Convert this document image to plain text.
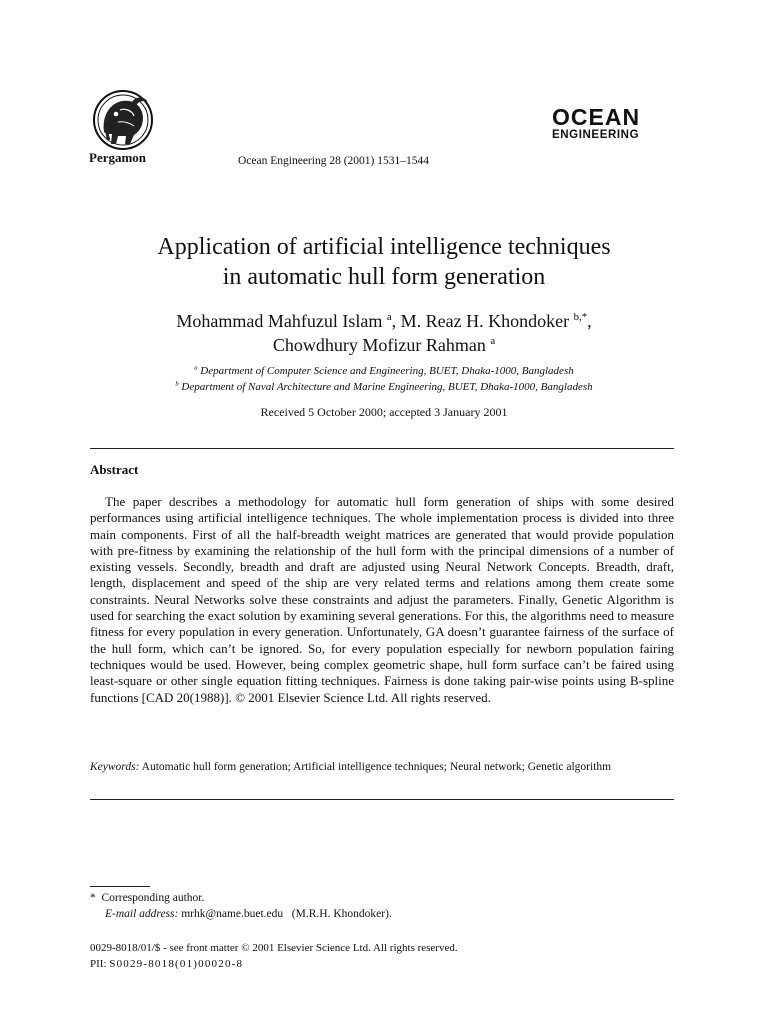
Pergamon	Ocean Engineering 28 (2001) 1531–1544
OCEAN
ENGINEERING
Application of artificial intelligence techniques
in automatic hull form generation
Mohammad Mahfuzul Islam $^a$, M. Reaz H. Khondoker $^{b,*}$,
Chowdhury Mofizur Rahman $^a$
$^a$ Department of Computer Science and Engineering, BUET, Dhaka-1000, Bangladesh
$^b$ Department of Naval Architecture and Marine Engineering, BUET, Dhaka-1000, Bangladesh
Received 5 October 2000; accepted 3 January 2001
Abstract

The paper describes a methodology for automatic hull form generation of ships with some desired performances using artificial intelligence techniques. The whole implementation process is divided into three main components. First of all the half-breadth weight matrices are generated that would provide population with pre-fitness by examining the relationship of the hull form with the principal dimensions of a number of existing vessels. Secondly, breadth and draft are adjusted using Neural Network Concepts. Breadth, draft, length, displacement and speed of the ship are very related terms and relations among them create some constraints. Neural Networks solve these constraints and adjust the parameters. Finally, Genetic Algorithm is used for searching the exact solution by examining several generations. For this, the algorithms need to measure fitness for every population in every generation. Unfortunately, GA doesn’t guarantee fairness of the surface of the hull form, which can’t be ignored. So, for every population especially for newborn population fairing techniques would be used. However, being complex geometric shape, hull form surface can’t be faired using least-square or other single equation fitting techniques. Fairness is done taking pair-wise points using B-spline functions [CAD 20(1988)]. © 2001 Elsevier Science Ltd. All rights reserved.

Keywords: Automatic hull form generation; Artificial intelligence techniques; Neural network; Genetic algorithm
* Corresponding author.
E-mail address: mrhk@name.buet.edu (M.R.H. Khondoker).
0029-8018/01/$ - see front matter © 2001 Elsevier Science Ltd. All rights reserved.
PII: S0029-8018(01)00020-8
